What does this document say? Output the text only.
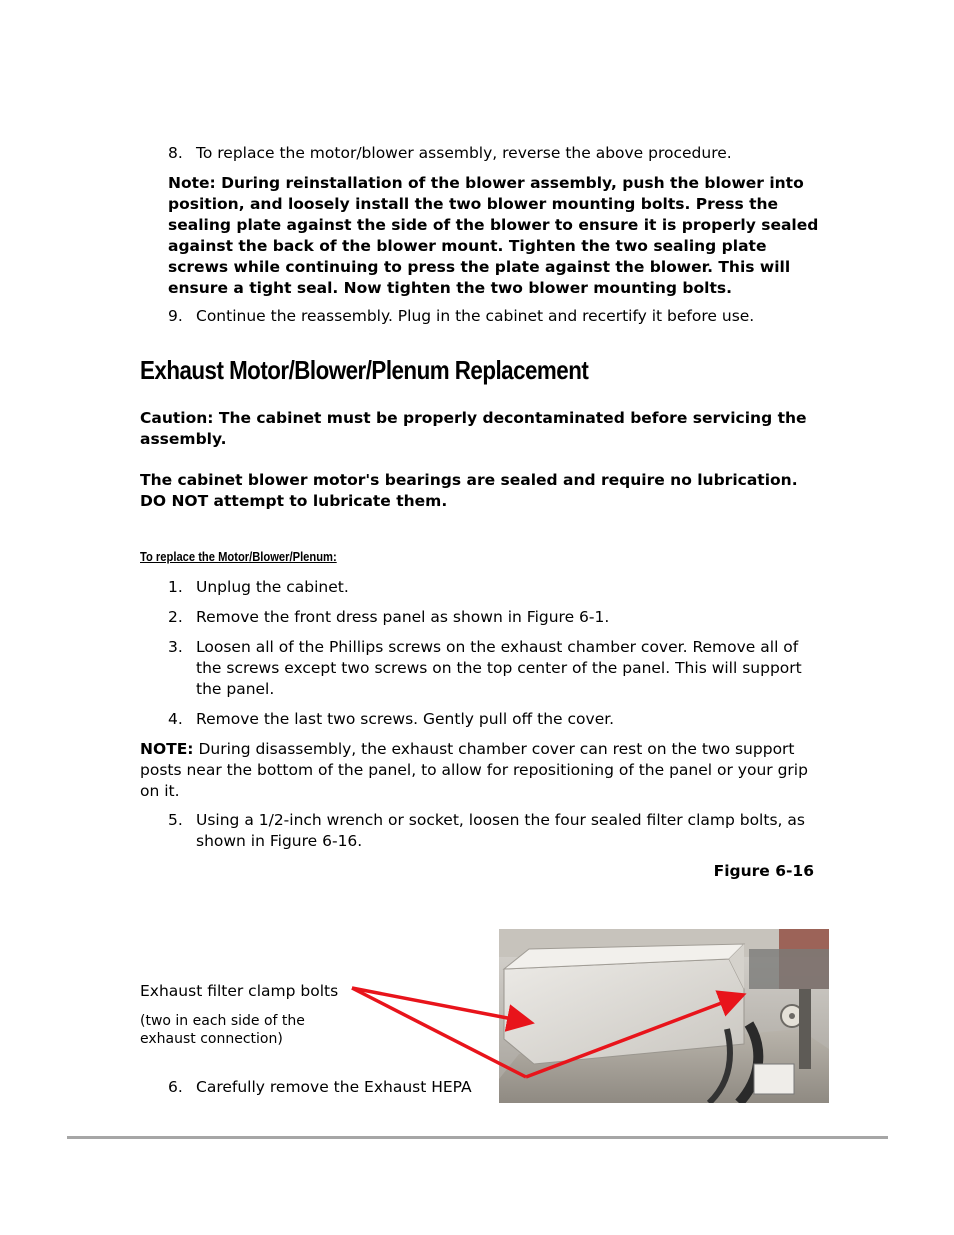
8. To replace the motor/blower assembly, reverse the above procedure.
Note: During reinstallation of the blower assembly, push the blower into
position, and loosely install the two blower mounting bolts. Press the
sealing plate against the side of the blower to ensure it is properly sealed
against the back of the blower mount. Tighten the two sealing plate
screws while continuing to press the plate against the blower. This will
ensure a tight seal. Now tighten the two blower mounting bolts.
9. Continue the reassembly. Plug in the cabinet and recertify it before use.
Exhaust Motor/Blower/Plenum Replacement
Caution: The cabinet must be properly decontaminated before servicing the
assembly.
The cabinet blower motor's bearings are sealed and require no lubrication.
DO NOT attempt to lubricate them.
To replace the Motor/Blower/Plenum:
1. Unplug the cabinet.
2. Remove the front dress panel as shown in Figure 6-1.
3. Loosen all of the Phillips screws on the exhaust chamber cover. Remove all of
the screws except two screws on the top center of the panel. This will support
the panel.
4. Remove the last two screws. Gently pull off the cover.
NOTE: During disassembly, the exhaust chamber cover can rest on the two support
posts near the bottom of the panel, to allow for repositioning of the panel or your grip
on it.
5. Using a 1/2-inch wrench or socket, loosen the four sealed filter clamp bolts, as
shown in Figure 6-16.
Figure 6-16
Exhaust filter clamp bolts
(two in each side of the
exhaust connection)
6. Carefully remove the Exhaust HEPA
